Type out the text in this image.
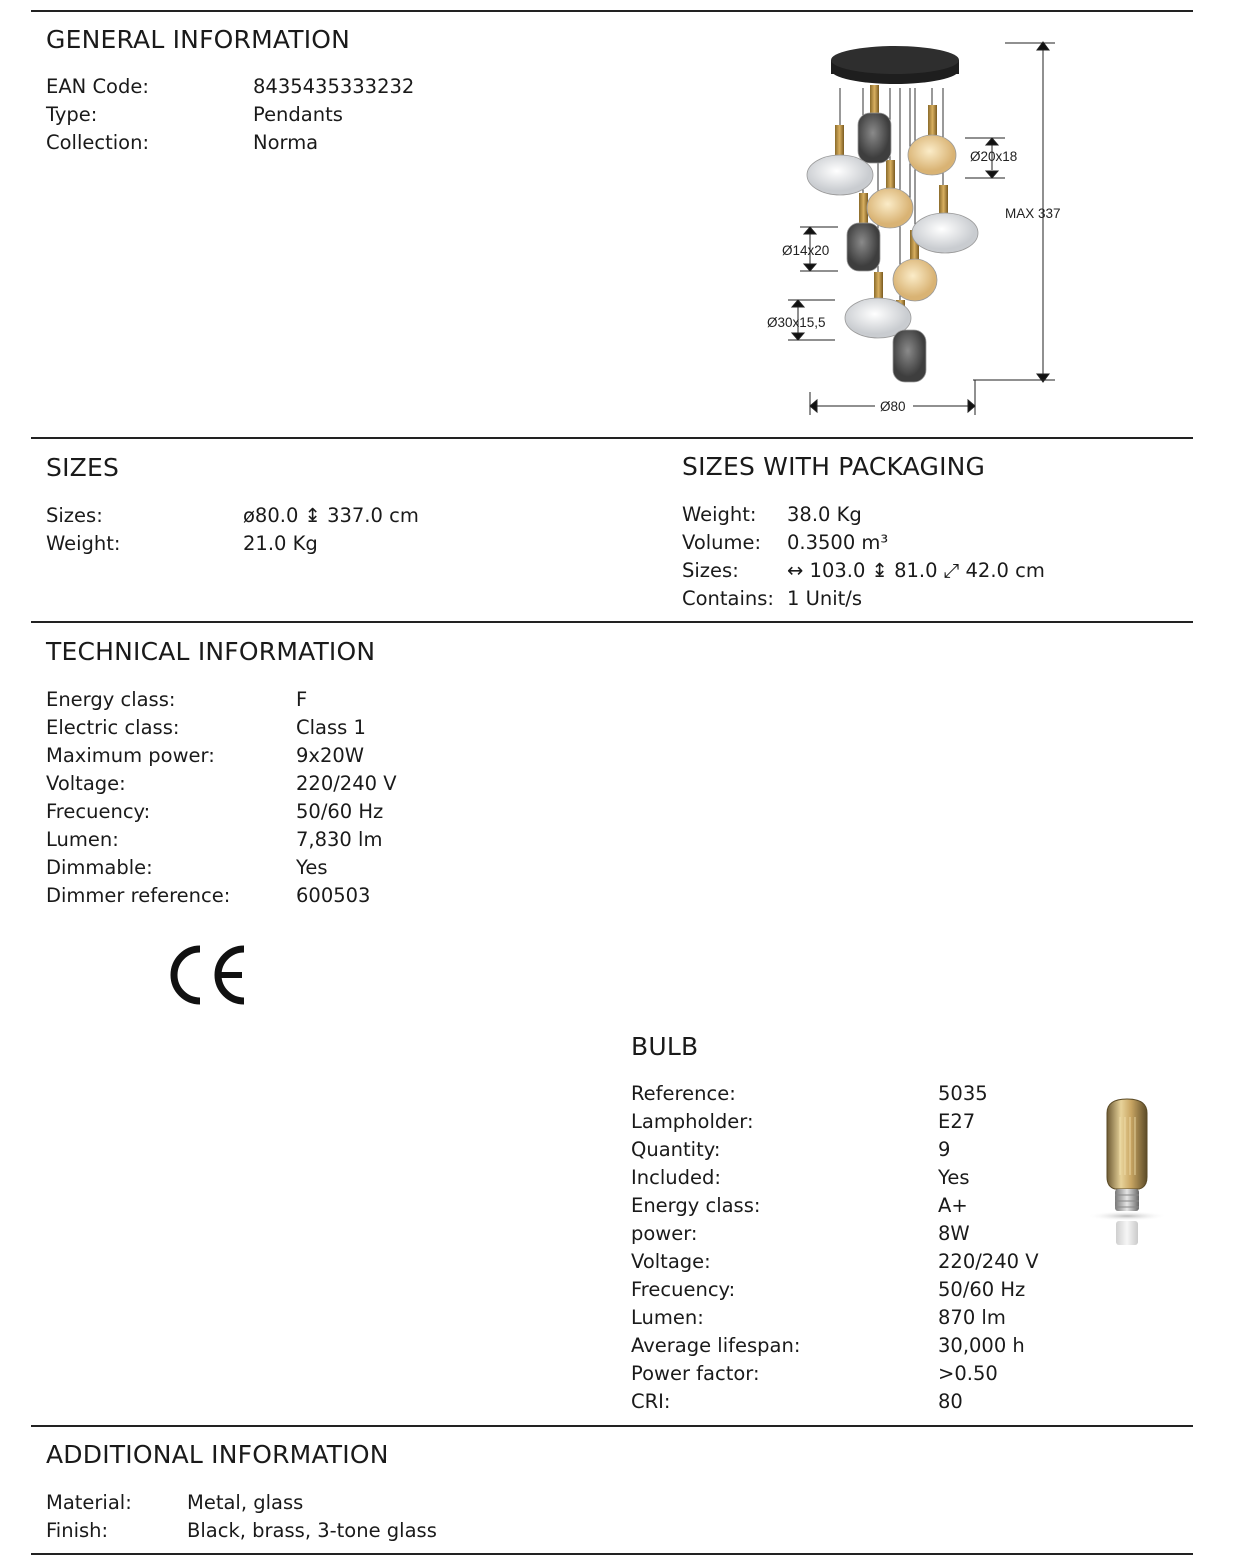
GENERAL INFORMATION
EAN Code:	8435435333232
Type:	Pendants
Collection:	Norma
Ø20x18
MAX 337
Ø14x20
Ø30x15,5
Ø80
SIZES
Sizes:	ø80.0 ↨ 337.0 cm
Weight:	21.0 Kg
SIZES WITH PACKAGING
Weight: 38.0 Kg
Volume: 0.3500 m³
Sizes: ↔ 103.0 ↨ 81.0 ⤢ 42.0 cm
Contains: 1 Unit/s
TECHNICAL INFORMATION
Energy class:	F
Electric class:	Class 1
Maximum power:	9x20W
Voltage:	220/240 V
Frecuency:	50/60 Hz
Lumen:	7,830 lm
Dimmable:	Yes
Dimmer reference:	600503
BULB
Reference:	5035
Lampholder:	E27
Quantity:	9
Included:	Yes
Energy class:	A+
power:	8W
Voltage:	220/240 V
Frecuency:	50/60 Hz
Lumen:	870 lm
Average lifespan:	30,000 h
Power factor:	>0.50
CRI:	80
ADDITIONAL INFORMATION
Material:	Metal, glass
Finish:	Black, brass, 3-tone glass
